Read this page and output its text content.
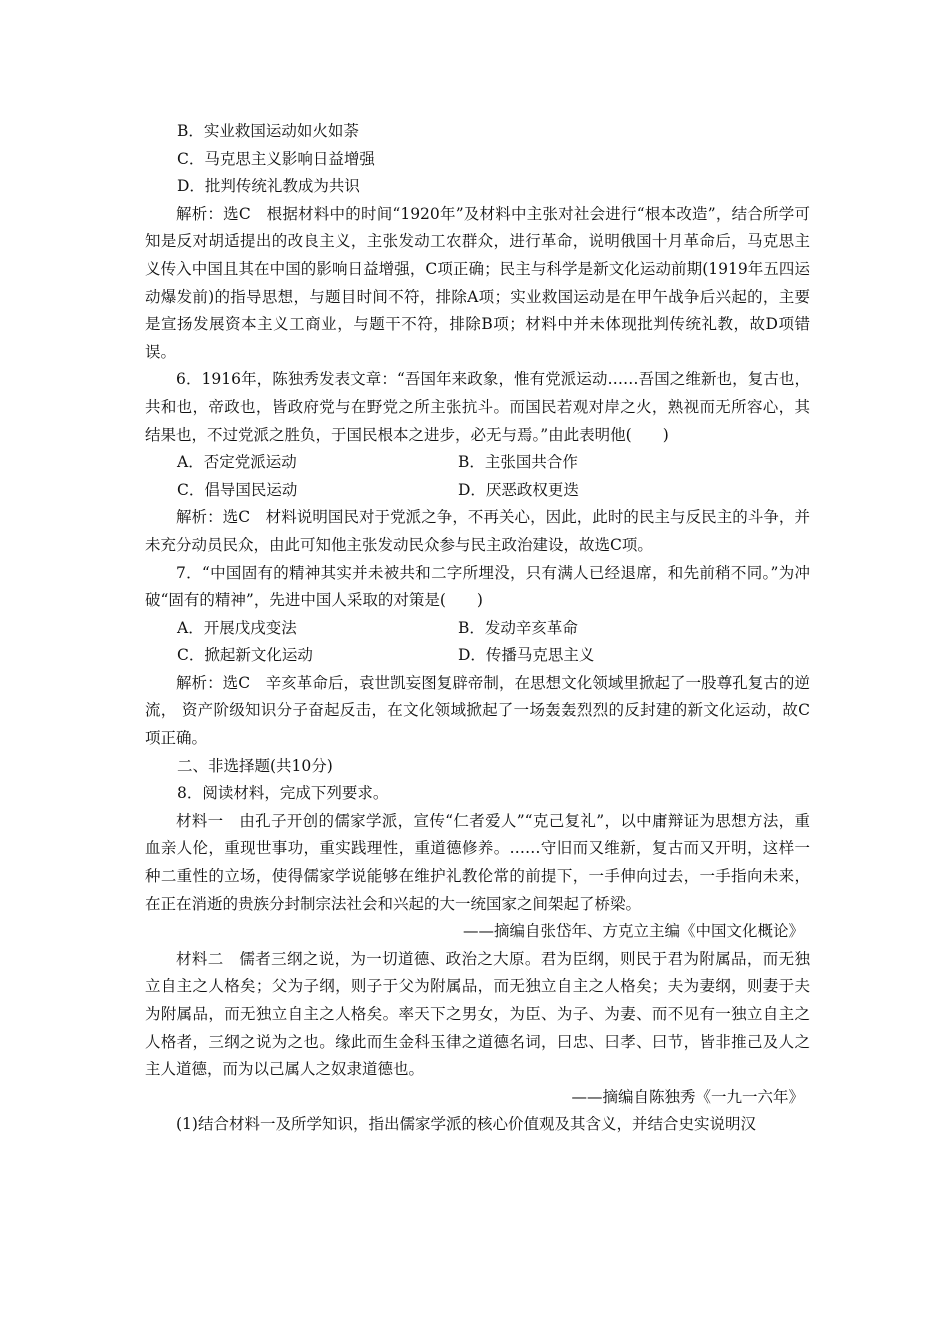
B．实业救国运动如火如荼
C．马克思主义影响日益增强
D．批判传统礼教成为共识
解析：选C　根据材料中的时间“1920年”及材料中主张对社会进行“根本改造”，结合所学可知是反对胡适提出的改良主义，主张发动工农群众，进行革命，说明俄国十月革命后，马克思主义传入中国且其在中国的影响日益增强，C项正确；民主与科学是新文化运动前期(1919年五四运动爆发前)的指导思想，与题目时间不符，排除A项；实业救国运动是在甲午战争后兴起的，主要是宣扬发展资本主义工商业，与题干不符，排除B项；材料中并未体现批判传统礼教，故D项错误。
6．1916年，陈独秀发表文章：“吾国年来政象，惟有党派运动……吾国之维新也，复古也，共和也，帝政也，皆政府党与在野党之所主张抗斗。而国民若观对岸之火，熟视而无所容心，其结果也，不过党派之胜负，于国民根本之进步，必无与焉。”由此表明他(　　)
A．否定党派运动	B．主张国共合作
C．倡导国民运动	D．厌恶政权更迭
解析：选C　材料说明国民对于党派之争，不再关心，因此，此时的民主与反民主的斗争，并未充分动员民众，由此可知他主张发动民众参与民主政治建设，故选C项。
7．“中国固有的精神其实并未被共和二字所埋没，只有满人已经退席，和先前稍不同。”为冲破“固有的精神”，先进中国人采取的对策是(　　)
A．开展戊戌变法	B．发动辛亥革命
C．掀起新文化运动	D．传播马克思主义
解析：选C　辛亥革命后，袁世凯妄图复辟帝制，在思想文化领域里掀起了一股尊孔复古的逆流， 资产阶级知识分子奋起反击，在文化领域掀起了一场轰轰烈烈的反封建的新文化运动，故C项正确。
二、非选择题(共10分)
8．阅读材料，完成下列要求。
材料一　由孔子开创的儒家学派，宣传“仁者爱人”“克己复礼”，以中庸辩证为思想方法，重血亲人伦，重现世事功，重实践理性，重道德修养。……守旧而又维新，复古而又开明，这样一种二重性的立场，使得儒家学说能够在维护礼教伦常的前提下，一手伸向过去，一手指向未来，在正在消逝的贵族分封制宗法社会和兴起的大一统国家之间架起了桥梁。
——摘编自张岱年、方克立主编《中国文化概论》
材料二　儒者三纲之说，为一切道德、政治之大原。君为臣纲，则民于君为附属品，而无独立自主之人格矣；父为子纲，则子于父为附属品，而无独立自主之人格矣；夫为妻纲，则妻于夫为附属品，而无独立自主之人格矣。率天下之男女，为臣、为子、为妻、而不见有一独立自主之人格者，三纲之说为之也。缘此而生金科玉律之道德名词，曰忠、曰孝、曰节，皆非推己及人之主人道德，而为以己属人之奴隶道德也。
——摘编自陈独秀《一九一六年》
(1)结合材料一及所学知识，指出儒家学派的核心价值观及其含义，并结合史实说明汉
